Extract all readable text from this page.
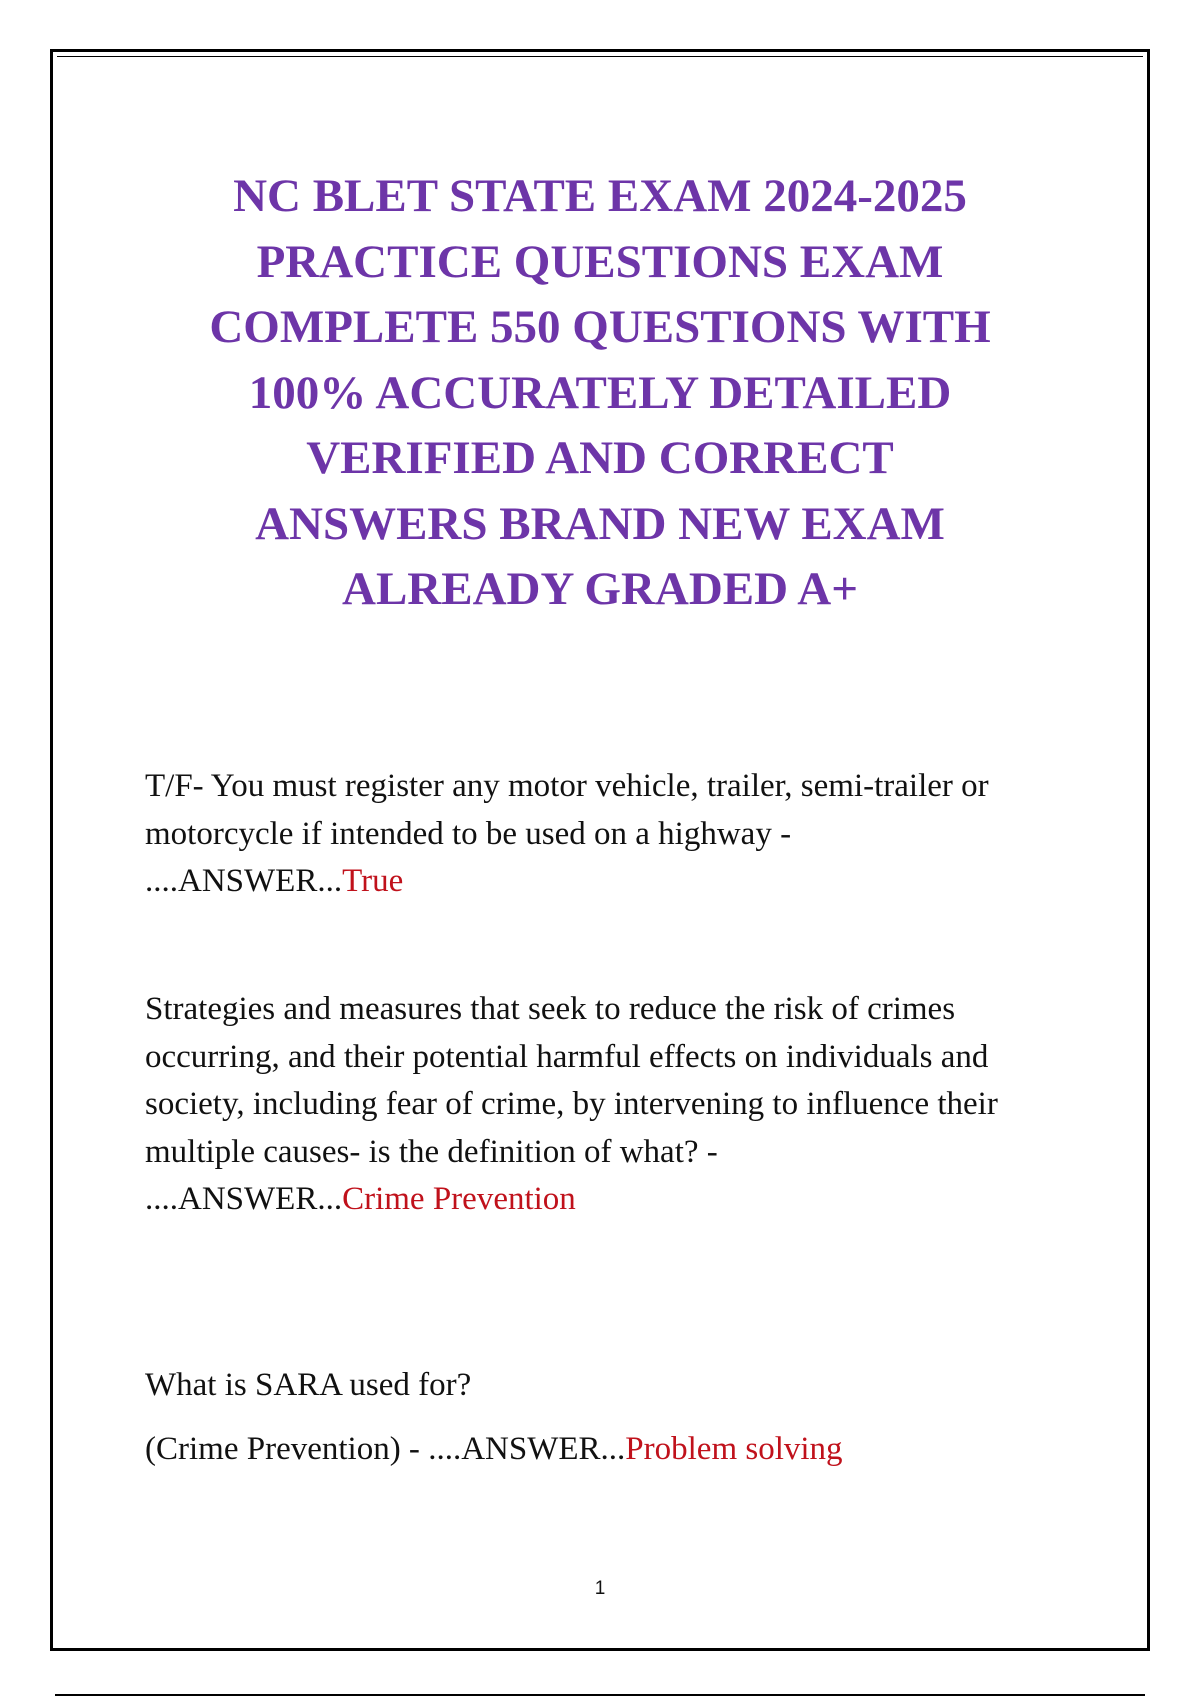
NC BLET STATE EXAM 2024-2025
PRACTICE QUESTIONS EXAM
COMPLETE 550 QUESTIONS WITH
100% ACCURATELY DETAILED
VERIFIED AND CORRECT
ANSWERS BRAND NEW EXAM
ALREADY GRADED A+

T/F- You must register any motor vehicle, trailer, semi-trailer or motorcycle if intended to be used on a highway - ....ANSWER...True

Strategies and measures that seek to reduce the risk of crimes occurring, and their potential harmful effects on individuals and society, including fear of crime, by intervening to influence their multiple causes- is the definition of what? -
....ANSWER...Crime Prevention

What is SARA used for?
(Crime Prevention) - ....ANSWER...Problem solving

1
